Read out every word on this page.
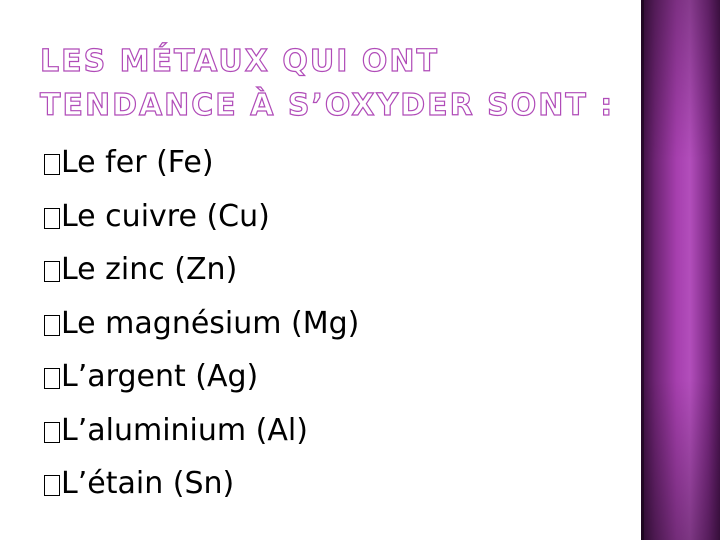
LES MÉTAUX QUI ONT TENDANCE À S’OXYDER SONT :
Le fer (Fe)
Le cuivre (Cu)
Le zinc (Zn)
Le magnésium (Mg)
L’argent (Ag)
L’aluminium (Al)
L’étain (Sn)
